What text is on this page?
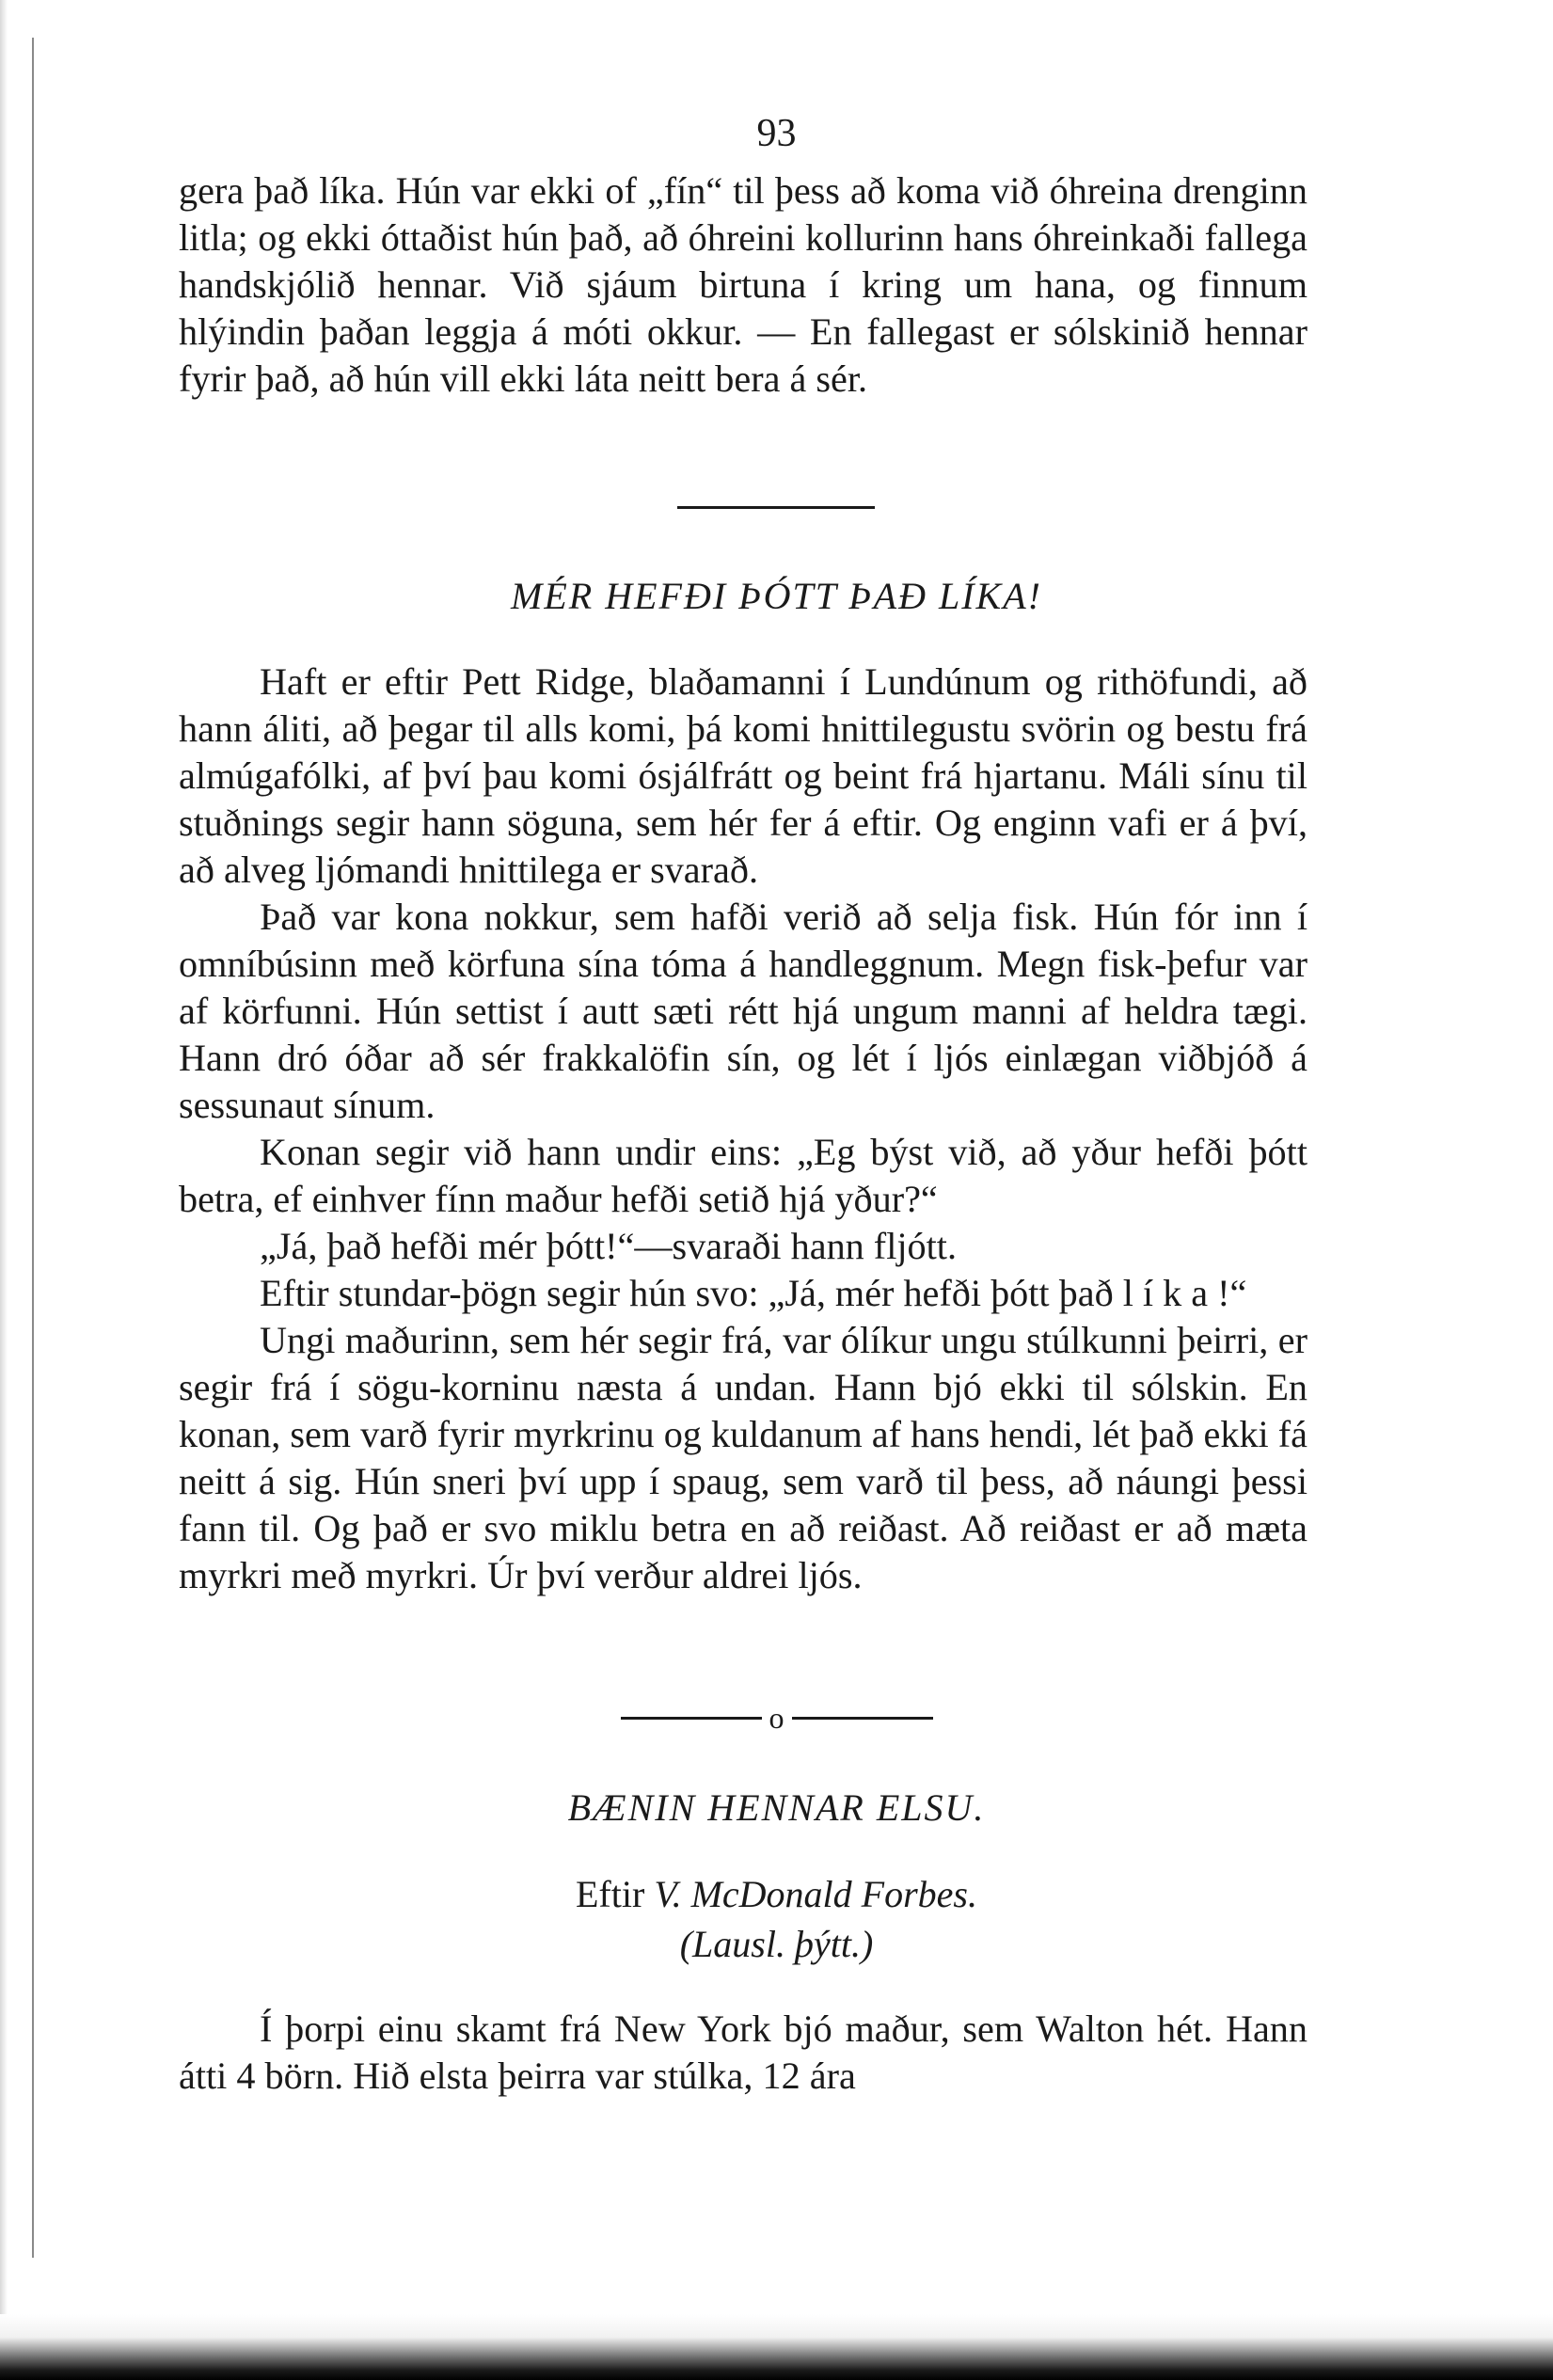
93

gera það líka. Hún var ekki of „fín“ til þess að koma við óhreina drenginn litla; og ekki óttaðist hún það, að óhreini kollurinn hans óhreinkaði fallega handskjólið hennar. Við sjáum birtuna í kring um hana, og finnum hlýindin þaðan leggja á móti okkur. — En fallegast er sólskinið hennar fyrir það, að hún vill ekki láta neitt bera á sér.

MÉR HEFÐI ÞÓTT ÞAÐ LÍKA!

Haft er eftir Pett Ridge, blaðamanni í Lundúnum og rithöfundi, að hann áliti, að þegar til alls komi, þá komi hnittilegustu svörin og bestu frá almúgafólki, af því þau komi ósjálfrátt og beint frá hjartanu. Máli sínu til stuðnings segir hann söguna, sem hér fer á eftir. Og enginn vafi er á því, að alveg ljómandi hnittilega er svarað.

Það var kona nokkur, sem hafði verið að selja fisk. Hún fór inn í omníbúsinn með körfuna sína tóma á handleggnum. Megn fisk-þefur var af körfunni. Hún settist í autt sæti rétt hjá ungum manni af heldra tægi. Hann dró óðar að sér frakkalöfin sín, og lét í ljós einlægan viðbjóð á sessunaut sínum.

Konan segir við hann undir eins: „Eg býst við, að yður hefði þótt betra, ef einhver fínn maður hefði setið hjá yður?“

„Já, það hefði mér þótt!“—svaraði hann fljótt.

Eftir stundar-þögn segir hún svo: „Já, mér hefði þótt það l í k a !“

Ungi maðurinn, sem hér segir frá, var ólíkur ungu stúlkunni þeirri, er segir frá í sögu-korninu næsta á undan. Hann bjó ekki til sólskin. En konan, sem varð fyrir myrkrinu og kuldanum af hans hendi, lét það ekki fá neitt á sig. Hún sneri því upp í spaug, sem varð til þess, að náungi þessi fann til. Og það er svo miklu betra en að reiðast. Að reiðast er að mæta myrkri með myrkri. Úr því verður aldrei ljós.

o
BÆNIN HENNAR ELSU.
Eftir V. McDonald Forbes.
(Lausl. þýtt.)

Í þorpi einu skamt frá New York bjó maður, sem Walton hét. Hann átti 4 börn. Hið elsta þeirra var stúlka, 12 ára
